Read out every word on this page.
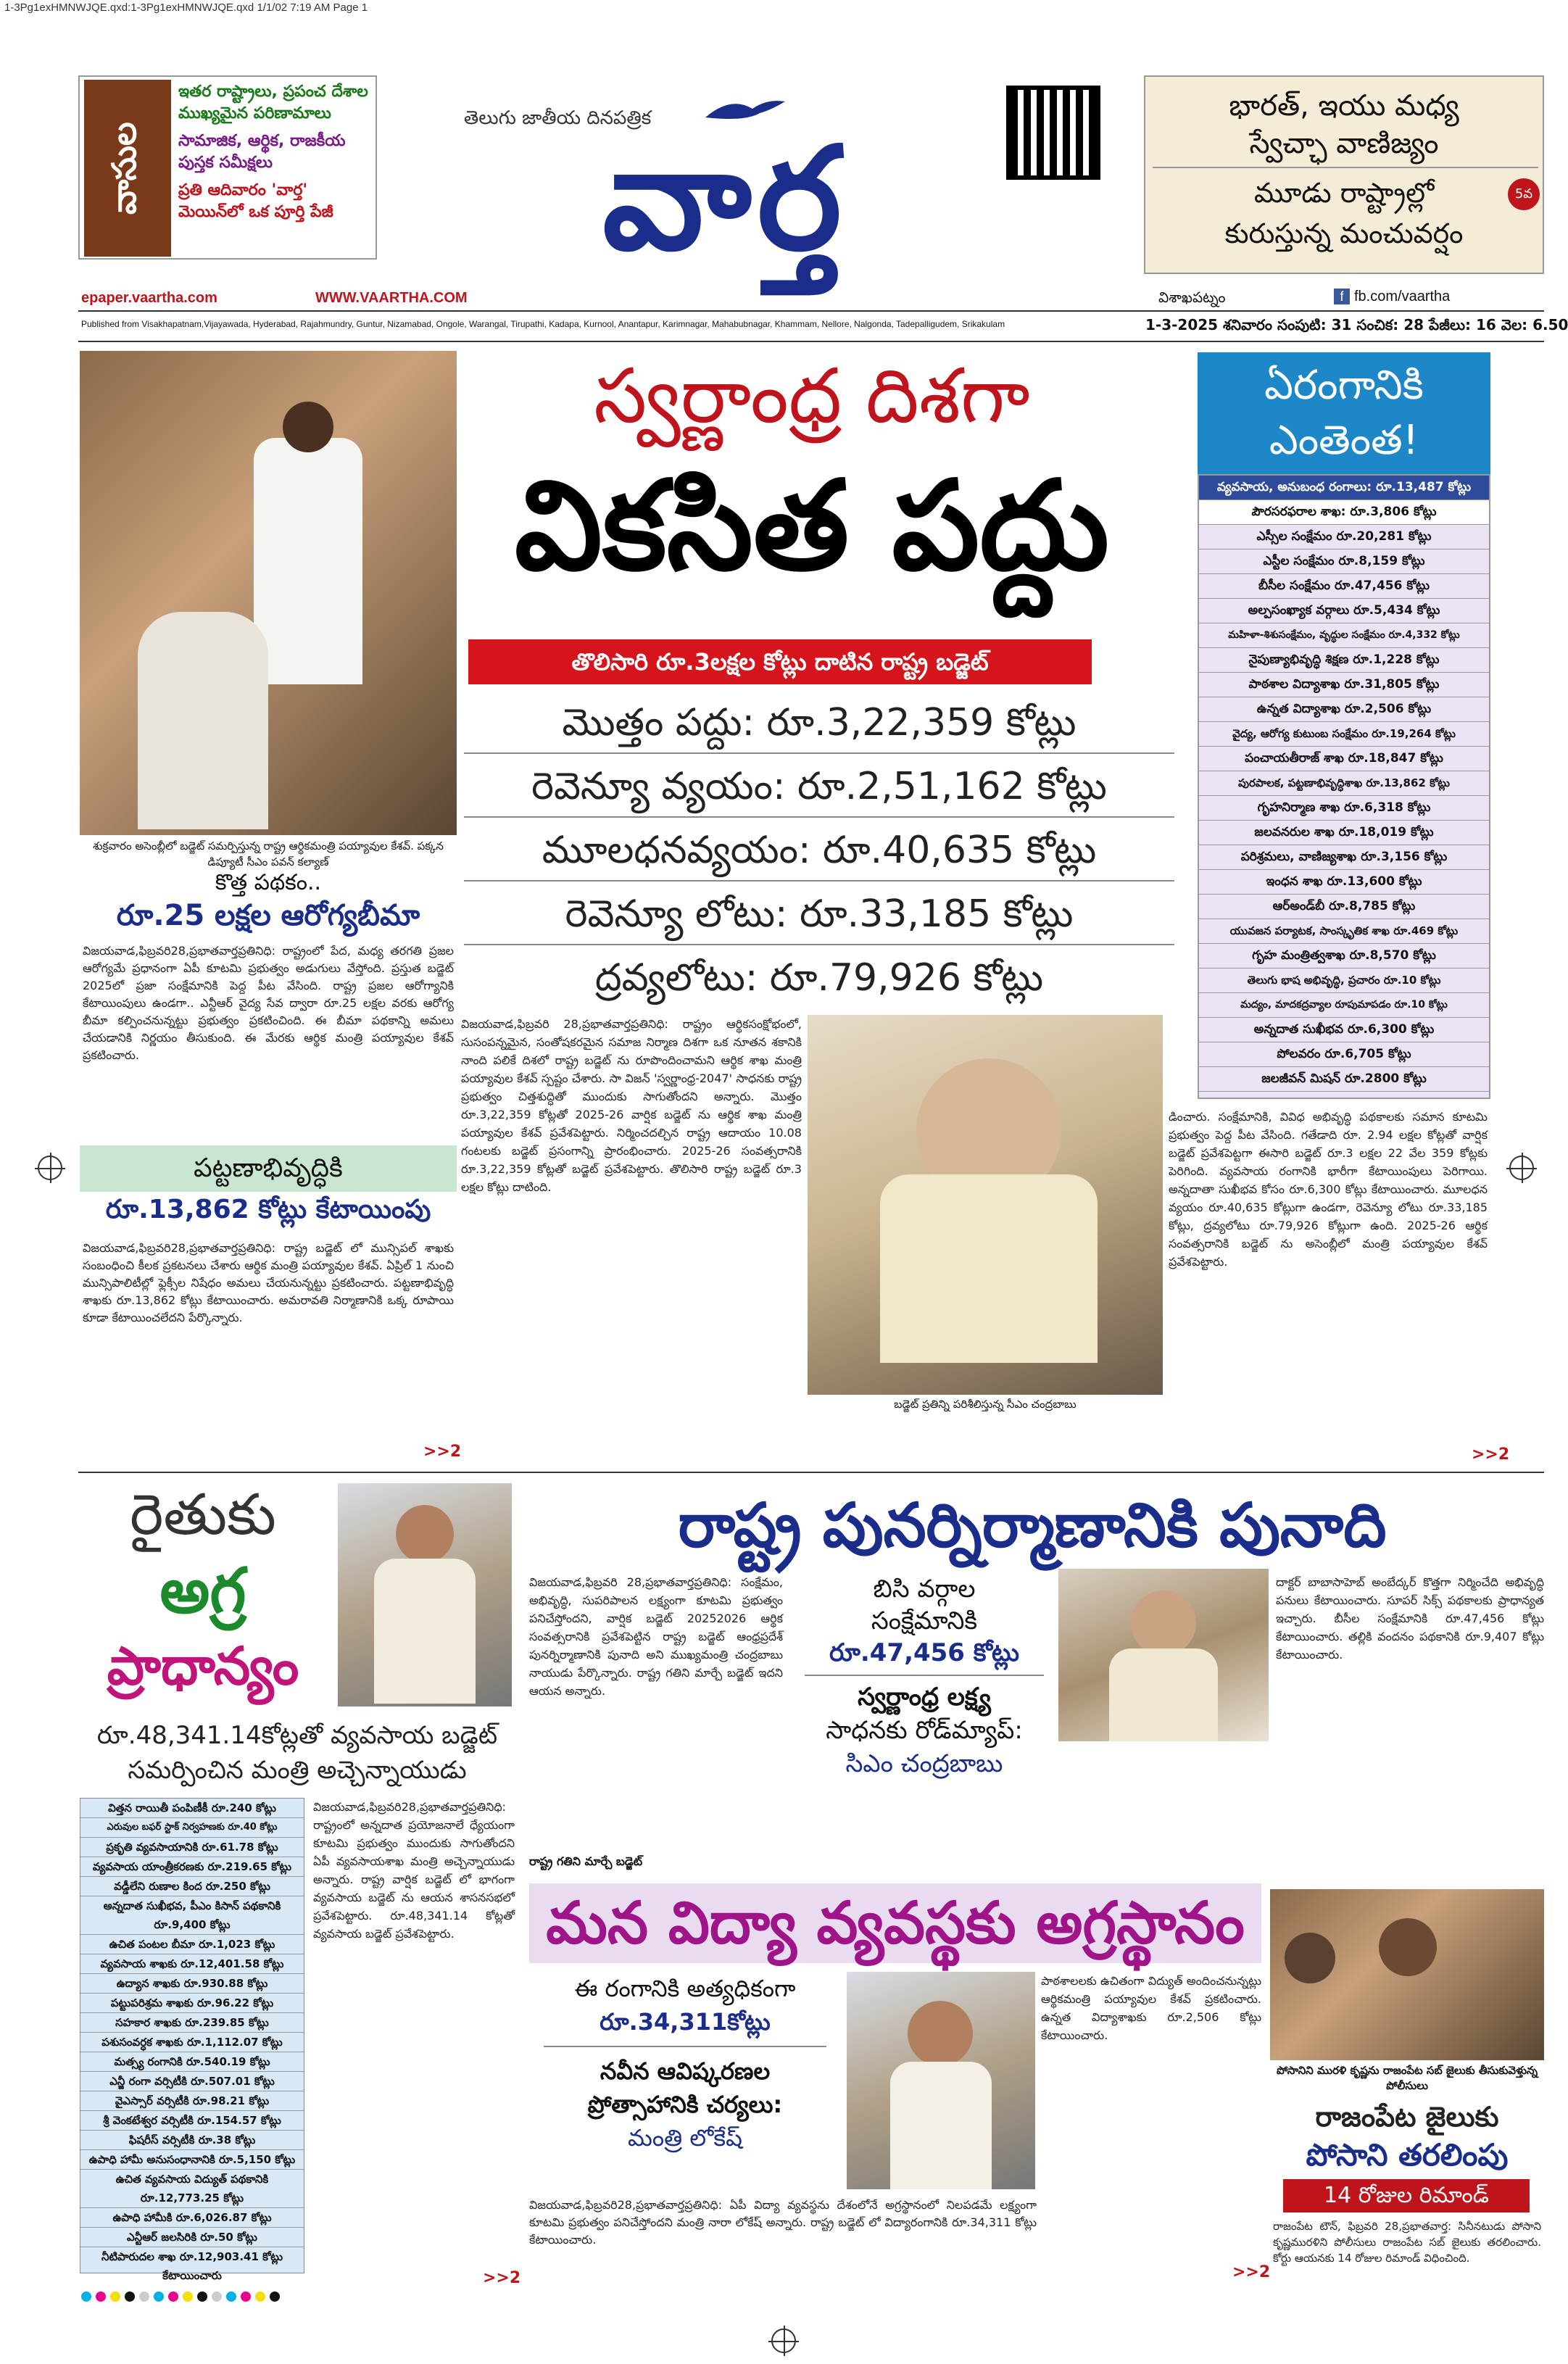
1-3Pg1exHMNWJQE.qxd:1-3Pg1exHMNWJQE.qxd 1/1/02 7:19 AM Page 1
వాసుల
ఇతర రాష్ట్రాలు, ప్రపంచ దేశాల ముఖ్యమైన పరిణామాలు
సామాజిక, ఆర్థిక, రాజకీయ పుస్తక సమీక్షలు
ప్రతి ఆదివారం 'వార్త' మెయిన్‌లో ఒక పూర్తి పేజీ
తెలుగు జాతీయ దినపత్రిక
వార్త
భారత్, ఇయు మధ్య
స్వేచ్ఛా వాణిజ్యం
మూడు రాష్ట్రాల్లో
కురుస్తున్న మంచువర్షం
5వ
epaper.vaartha.com	WWW.VAARTHA.COM	విశాఖపట్నం	f fb.com/vaartha
Published from Visakhapatnam,Vijayawada, Hyderabad, Rajahmundry, Guntur, Nizamabad, Ongole, Warangal, Tirupathi, Kadapa, Kurnool, Anantapur, Karimnagar, Mahabubnagar, Khammam, Nellore, Nalgonda, Tadepalligudem, Srikakulam	1-3-2025 శనివారం సంపుటి: 31 సంచిక: 28 పేజీలు: 16 వెల: 6.50
శుక్రవారం అసెంబ్లీలో బడ్జెట్ సమర్పిస్తున్న రాష్ట్ర ఆర్థికమంత్రి పయ్యావుల కేశవ్. పక్కన డిప్యూటీ సీఎం పవన్ కల్యాణ్
స్వర్ణాంధ్ర దిశగా
వికసిత పద్దు
తొలిసారి రూ.3లక్షల కోట్లు దాటిన రాష్ట్ర బడ్జెట్
మొత్తం పద్దు: రూ.3,22,359 కోట్లు
రెవెన్యూ వ్యయం: రూ.2,51,162 కోట్లు
మూలధనవ్యయం: రూ.40,635 కోట్లు
రెవెన్యూ లోటు: రూ.33,185 కోట్లు
ద్రవ్యలోటు: రూ.79,926 కోట్లు
ఏరంగానికి ఎంతెంత!
వ్యవసాయ, అనుబంధ రంగాలు: రూ.13,487 కోట్లు
పౌరసరఫరాల శాఖ: రూ.3,806 కోట్లు
ఎస్సీల సంక్షేమం రూ.20,281 కోట్లు
ఎస్టీల సంక్షేమం రూ.8,159 కోట్లు
బీసీల సంక్షేమం రూ.47,456 కోట్లు
అల్పసంఖ్యాక వర్గాలు రూ.5,434 కోట్లు
మహిళా-శిశుసంక్షేమం, వృద్ధుల సంక్షేమం రూ.4,332 కోట్లు
నైపుణ్యాభివృద్ధి శిక్షణ రూ.1,228 కోట్లు
పాఠశాల విద్యాశాఖ రూ.31,805 కోట్లు
ఉన్నత విద్యాశాఖ రూ.2,506 కోట్లు
వైద్య, ఆరోగ్య కుటుంబ సంక్షేమం రూ.19,264 కోట్లు
పంచాయతీరాజ్ శాఖ రూ.18,847 కోట్లు
పురపాలక, పట్టణాభివృద్ధిశాఖ రూ.13,862 కోట్లు
గృహనిర్మాణ శాఖ రూ.6,318 కోట్లు
జలవనరుల శాఖ రూ.18,019 కోట్లు
పరిశ్రమలు, వాణిజ్యశాఖ రూ.3,156 కోట్లు
ఇంధన శాఖ రూ.13,600 కోట్లు
ఆర్‌అండ్‌బీ రూ.8,785 కోట్లు
యువజన పర్యాటక, సాంస్కృతిక శాఖ రూ.469 కోట్లు
గృహ మంత్రిత్వశాఖ రూ.8,570 కోట్లు
తెలుగు భాష అభివృద్ధి, ప్రచారం రూ.10 కోట్లు
మద్యం, మాదకద్రవ్యాల రూపుమాపడం రూ.10 కోట్లు
అన్నదాత సుఖీభవ రూ.6,300 కోట్లు
పోలవరం రూ.6,705 కోట్లు
జలజీవన్ మిషన్ రూ.2800 కోట్లు
కొత్త పథకం..
రూ.25 లక్షల ఆరోగ్యబీమా
విజయవాడ,ఫిబ్రవరి28,ప్రభాతవార్తప్రతినిధి: రాష్ట్రంలో పేద, మధ్య తరగతి ప్రజల ఆరోగ్యమే ప్రధానంగా ఏపీ కూటమి ప్రభుత్వం అడుగులు వేస్తోంది. ప్రస్తుత బడ్జెట్ 2025లో ప్రజా సంక్షేమానికి పెద్ద పీట వేసింది. రాష్ట్ర ప్రజల ఆరోగ్యానికి కేటాయింపులు ఉండగా.. ఎన్టీఆర్ వైద్య సేవ ద్వారా రూ.25 లక్షల వరకు ఆరోగ్య బీమా కల్పించనున్నట్టు ప్రభుత్వం ప్రకటించింది. ఈ బీమా పథకాన్ని అమలు చేయడానికి నిర్ణయం తీసుకుంది. ఈ మేరకు ఆర్థిక మంత్రి పయ్యావుల కేశవ్ ప్రకటించారు.
పట్టణాభివృద్ధికి
రూ.13,862 కోట్లు కేటాయింపు
విజయవాడ,ఫిబ్రవరి28,ప్రభాతవార్తప్రతినిధి: రాష్ట్ర బడ్జెట్ లో మున్సిపల్ శాఖకు సంబంధించి కీలక ప్రకటనలు చేశారు ఆర్థిక మంత్రి పయ్యావుల కేశవ్. ఏప్రిల్ 1 నుంచి మున్సిపాలిటీల్లో ఫ్లెక్సీల నిషేధం అమలు చేయనున్నట్టు ప్రకటించారు. పట్టణాభివృద్ధి శాఖకు రూ.13,862 కోట్లు కేటాయించారు. అమరావతి నిర్మాణానికి ఒక్క రూపాయి కూడా కేటాయించలేదని పేర్కొన్నారు.
>>2
విజయవాడ,ఫిబ్రవరి 28,ప్రభాతవార్తప్రతినిధి: రాష్ట్రం ఆర్థికసంక్షోభంలో, సుసంపన్నమైన, సంతోషకరమైన సమాజ నిర్మాణ దిశగా ఒక నూతన శకానికి నాంది పలికే దిశలో రాష్ట్ర బడ్జెట్ ను రూపొందించామని ఆర్థిక శాఖ మంత్రి పయ్యావుల కేశవ్ స్పష్టం చేశారు. సా విజన్ 'స్వర్ణాంధ్ర-2047' సాధనకు రాష్ట్ర ప్రభుత్వం చిత్తశుద్ధితో ముందుకు సాగుతోందని అన్నారు. మొత్తం రూ.3,22,359 కోట్లతో 2025-26 వార్షిక బడ్జెట్ ను ఆర్థిక శాఖ మంత్రి పయ్యావుల కేశవ్ ప్రవేశపెట్టారు. నిర్మించదల్చిన రాష్ట్ర ఆదాయం 10.08 గంటలకు బడ్జెట్ ప్రసంగాన్ని ప్రారంభించారు. 2025-26 సంవత్సరానికి రూ.3,22,359 కోట్లతో బడ్జెట్ ప్రవేశపెట్టారు. తొలిసారి రాష్ట్ర బడ్జెట్ రూ.3 లక్షల కోట్లు దాటింది.
బడ్జెట్ ప్రతిన్ని పరిశీలిస్తున్న సీఎం చంద్రబాబు
డించారు. సంక్షేమానికి, వివిధ అభివృద్ధి పథకాలకు సమాన కూటమి ప్రభుత్వం పెద్ద పీట వేసింది. గతేడాది రూ. 2.94 లక్షల కోట్లతో వార్షిక బడ్జెట్ ప్రవేశపెట్టగా ఈసారి బడ్జెట్ రూ.3 లక్షల 22 వేల 359 కోట్లకు పెరిగింది. వ్యవసాయ రంగానికి భారీగా కేటాయింపులు పెరిగాయి. అన్నదాతా సుఖీభవ కోసం రూ.6,300 కోట్లు కేటాయించారు. మూలధన వ్యయం రూ.40,635 కోట్లుగా ఉండగా, రెవెన్యూ లోటు రూ.33,185 కోట్లు, ద్రవ్యలోటు రూ.79,926 కోట్లుగా ఉంది. 2025-26 ఆర్థిక సంవత్సరానికి బడ్జెట్ ను అసెంబ్లీలో మంత్రి పయ్యావుల కేశవ్ ప్రవేశపెట్టారు.
>>2
రైతుకు
అగ్ర
ప్రాధాన్యం
రూ.48,341.14కోట్లతో వ్యవసాయ బడ్జెట్ సమర్పించిన మంత్రి అచ్చెన్నాయుడు
విత్తన రాయితీ పంపిణీకీ రూ.240 కోట్లు
ఎరువుల బఫర్ స్టాక్ నిర్వహణకు రూ.40 కోట్లు
ప్రకృతి వ్యవసాయానికి రూ.61.78 కోట్లు
వ్యవసాయ యాంత్రీకరణకు రూ.219.65 కోట్లు
వడ్డీలేని రుణాల కింద రూ.250 కోట్లు
అన్నదాత సుఖీభవ, పీఎం కిసాన్ పథకానికి రూ.9,400 కోట్లు
ఉచిత పంటల బీమా రూ.1,023 కోట్లు
వ్యవసాయ శాఖకు రూ.12,401.58 కోట్లు
ఉద్యాన శాఖకు రూ.930.88 కోట్లు
పట్టుపరిశ్రమ శాఖకు రూ.96.22 కోట్లు
సహకార శాఖకు రూ.239.85 కోట్లు
పశుసంవర్ధక శాఖకు రూ.1,112.07 కోట్లు
మత్స్య రంగానికి రూ.540.19 కోట్లు
ఎన్జీ రంగా వర్సిటీకి రూ.507.01 కోట్లు
వైఎస్సార్ వర్సిటీకి రూ.98.21 కోట్లు
శ్రీ వెంకటేశ్వర వర్సిటీకి రూ.154.57 కోట్లు
ఫిషరీస్ వర్సిటీకి రూ.38 కోట్లు
ఉపాధి హామీ అనుసంధానానికి రూ.5,150 కోట్లు
ఉచిత వ్యవసాయ విద్యుత్ పథకానికి రూ.12,773.25 కోట్లు
ఉపాధి హామీకి రూ.6,026.87 కోట్లు
ఎన్టీఆర్ జలసిరికి రూ.50 కోట్లు
నీటిపారుదల శాఖ రూ.12,903.41 కోట్లు కేటాయించారు
విజయవాడ,ఫిబ్రవరి28,ప్రభాతవార్తప్రతినిధి: రాష్ట్రంలో అన్నదాత ప్రయోజనాలే ధ్యేయంగా కూటమి ప్రభుత్వం ముందుకు సాగుతోందని ఏపీ వ్యవసాయశాఖ మంత్రి అచ్చెన్నాయుడు అన్నారు. రాష్ట్ర వార్షిక బడ్జెట్ లో భాగంగా వ్యవసాయ బడ్జెట్ ను ఆయన శాసనసభలో ప్రవేశపెట్టారు. రూ.48,341.14 కోట్లతో వ్యవసాయ బడ్జెట్ ప్రవేశపెట్టారు.
>>2
రాష్ట్ర పునర్నిర్మాణానికి పునాది
విజయవాడ,ఫిబ్రవరి 28,ప్రభాతవార్తప్రతినిధి: సంక్షేమం, అభివృద్ధి, సుపరిపాలన లక్ష్యంగా కూటమి ప్రభుత్వం పనిచేస్తోందని, వార్షిక బడ్జెట్ 20252026 ఆర్థిక సంవత్సరానికి ప్రవేశపెట్టిన రాష్ట్ర బడ్జెట్ ఆంధ్రప్రదేశ్ పునర్నిర్మాణానికి పునాది అని ముఖ్యమంత్రి చంద్రబాబు నాయుడు పేర్కొన్నారు. రాష్ట్ర గతిని మార్చే బడ్జెట్ ఇదని ఆయన అన్నారు.
బిసి వర్గాల
సంక్షేమానికి
రూ.47,456 కోట్లు
స్వర్ణాంధ్ర లక్ష్య
సాధనకు రోడ్‌మ్యాప్:
సిఎం చంద్రబాబు
దాక్టర్ బాబాసాహెబ్ అంబేద్కర్ కొత్తగా నిర్మించేది అభివృద్ధి పనులు కేటాయించారు. సూపర్ సిక్స్ పథకాలకు ప్రాధాన్యత ఇచ్చారు. బీసీల సంక్షేమానికి రూ.47,456 కోట్లు కేటాయించారు. తల్లికి వందనం పథకానికి రూ.9,407 కోట్లు కేటాయించారు.
రాష్ట్ర గతిని మార్చే బడ్జెట్
మన విద్యా వ్యవస్థకు అగ్రస్థానం
ఈ రంగానికి అత్యధికంగా
రూ.34,311కోట్లు
నవీన ఆవిష్కరణల
ప్రోత్సాహానికి చర్యలు:
మంత్రి లోకేష్
విజయవాడ,ఫిబ్రవరి28,ప్రభాతవార్తప్రతినిధి: ఏపీ విద్యా వ్యవస్థను దేశంలోనే అగ్రస్థానంలో నిలపడమే లక్ష్యంగా కూటమి ప్రభుత్వం పనిచేస్తోందని మంత్రి నారా లోకేష్ అన్నారు. రాష్ట్ర బడ్జెట్ లో విద్యారంగానికి రూ.34,311 కోట్లు కేటాయించారు.
పాఠశాలలకు ఉచితంగా విద్యుత్ అందించనున్నట్లు ఆర్థికమంత్రి పయ్యావుల కేశవ్ ప్రకటించారు. ఉన్నత విద్యాశాఖకు రూ.2,506 కోట్లు కేటాయించారు.
>>2
పోసానిని మురళి కృష్ణను రాజంపేట సబ్ జైలుకు తీసుకువెళ్తున్న పోలీసులు
రాజంపేట జైలుకు
పోసాని తరలింపు
14 రోజుల రిమాండ్
రాజంపేట టౌన్, ఫిబ్రవరి 28,ప్రభాతవార్త: సినీనటుడు పోసాని కృష్ణమురళిని పోలీసులు రాజంపేట సబ్ జైలుకు తరలించారు. కోర్టు ఆయనకు 14 రోజుల రిమాండ్ విధించింది.
